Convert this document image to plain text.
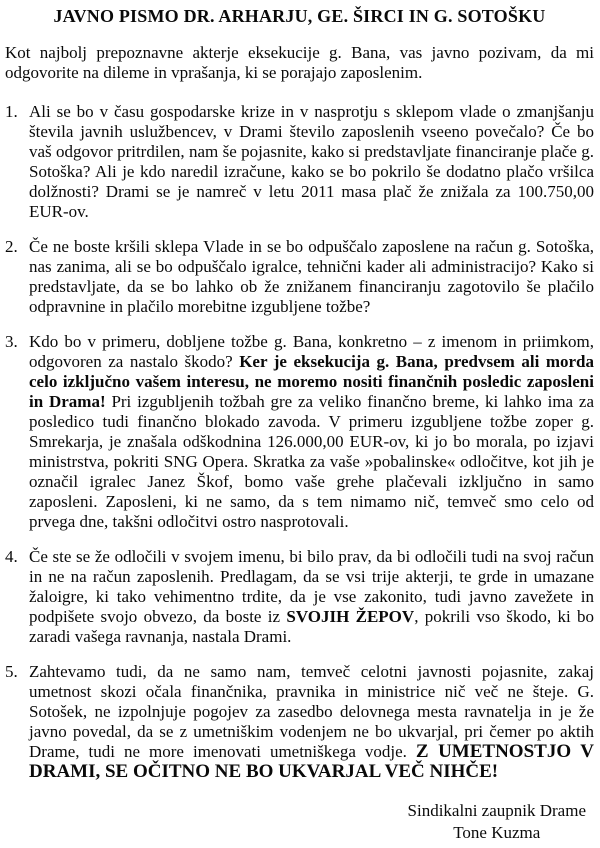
JAVNO PISMO DR. ARHARJU, GE. ŠIRCI IN G. SOTOŠKU

Kot najbolj prepoznavne akterje eksekucije g. Bana, vas javno pozivam, da mi odgovorite na dileme in vprašanja, ki se porajajo zaposlenim.

1. Ali se bo v času gospodarske krize in v nasprotju s sklepom vlade o zmanjšanju števila javnih uslužbencev, v Drami število zaposlenih vseeno povečalo? Če bo vaš odgovor pritrdilen, nam še pojasnite, kako si predstavljate financiranje plače g. Sotoška? Ali je kdo naredil izračune, kako se bo pokrilo še dodatno plačo vršilca dolžnosti? Drami se je namreč v letu 2011 masa plač že znižala za 100.750,00 EUR-ov.
2. Če ne boste kršili sklepa Vlade in se bo odpuščalo zaposlene na račun g. Sotoška, nas zanima, ali se bo odpuščalo igralce, tehnični kader ali administracijo? Kako si predstavljate, da se bo lahko ob že znižanem financiranju zagotovilo še plačilo odpravnine in plačilo morebitne izgubljene tožbe?
3. Kdo bo v primeru, dobljene tožbe g. Bana, konkretno – z imenom in priimkom, odgovoren za nastalo škodo? Ker je eksekucija g. Bana, predvsem ali morda celo izključno vašem interesu, ne moremo nositi finančnih posledic zaposleni in Drama! Pri izgubljenih tožbah gre za veliko finančno breme, ki lahko ima za posledico tudi finančno blokado zavoda. V primeru izgubljene tožbe zoper g. Smrekarja, je znašala odškodnina 126.000,00 EUR-ov, ki jo bo morala, po izjavi ministrstva, pokriti SNG Opera. Skratka za vaše »pobalinske« odločitve, kot jih je označil igralec Janez Škof, bomo vaše grehe plačevali izključno in samo zaposleni. Zaposleni, ki ne samo, da s tem nimamo nič, temveč smo celo od prvega dne, takšni odločitvi ostro nasprotovali.
4. Če ste se že odločili v svojem imenu, bi bilo prav, da bi odločili tudi na svoj račun in ne na račun zaposlenih. Predlagam, da se vsi trije akterji, te grde in umazane žaloigre, ki tako vehimentno trdite, da je vse zakonito, tudi javno zavežete in podpišete svojo obvezo, da boste iz SVOJIH ŽEPOV, pokrili vso škodo, ki bo zaradi vašega ravnanja, nastala Drami.
5. Zahtevamo tudi, da ne samo nam, temveč celotni javnosti pojasnite, zakaj umetnost skozi očala finančnika, pravnika in ministrice nič več ne šteje. G. Sotošek, ne izpolnjuje pogojev za zasedbo delovnega mesta ravnatelja in je že javno povedal, da se z umetniškim vodenjem ne bo ukvarjal, pri čemer po aktih Drame, tudi ne more imenovati umetniškega vodje. Z UMETNOSTJO V DRAMI, SE OČITNO NE BO UKVARJAL VEČ NIHČE!
Sindikalni zaupnik Drame
Tone Kuzma
